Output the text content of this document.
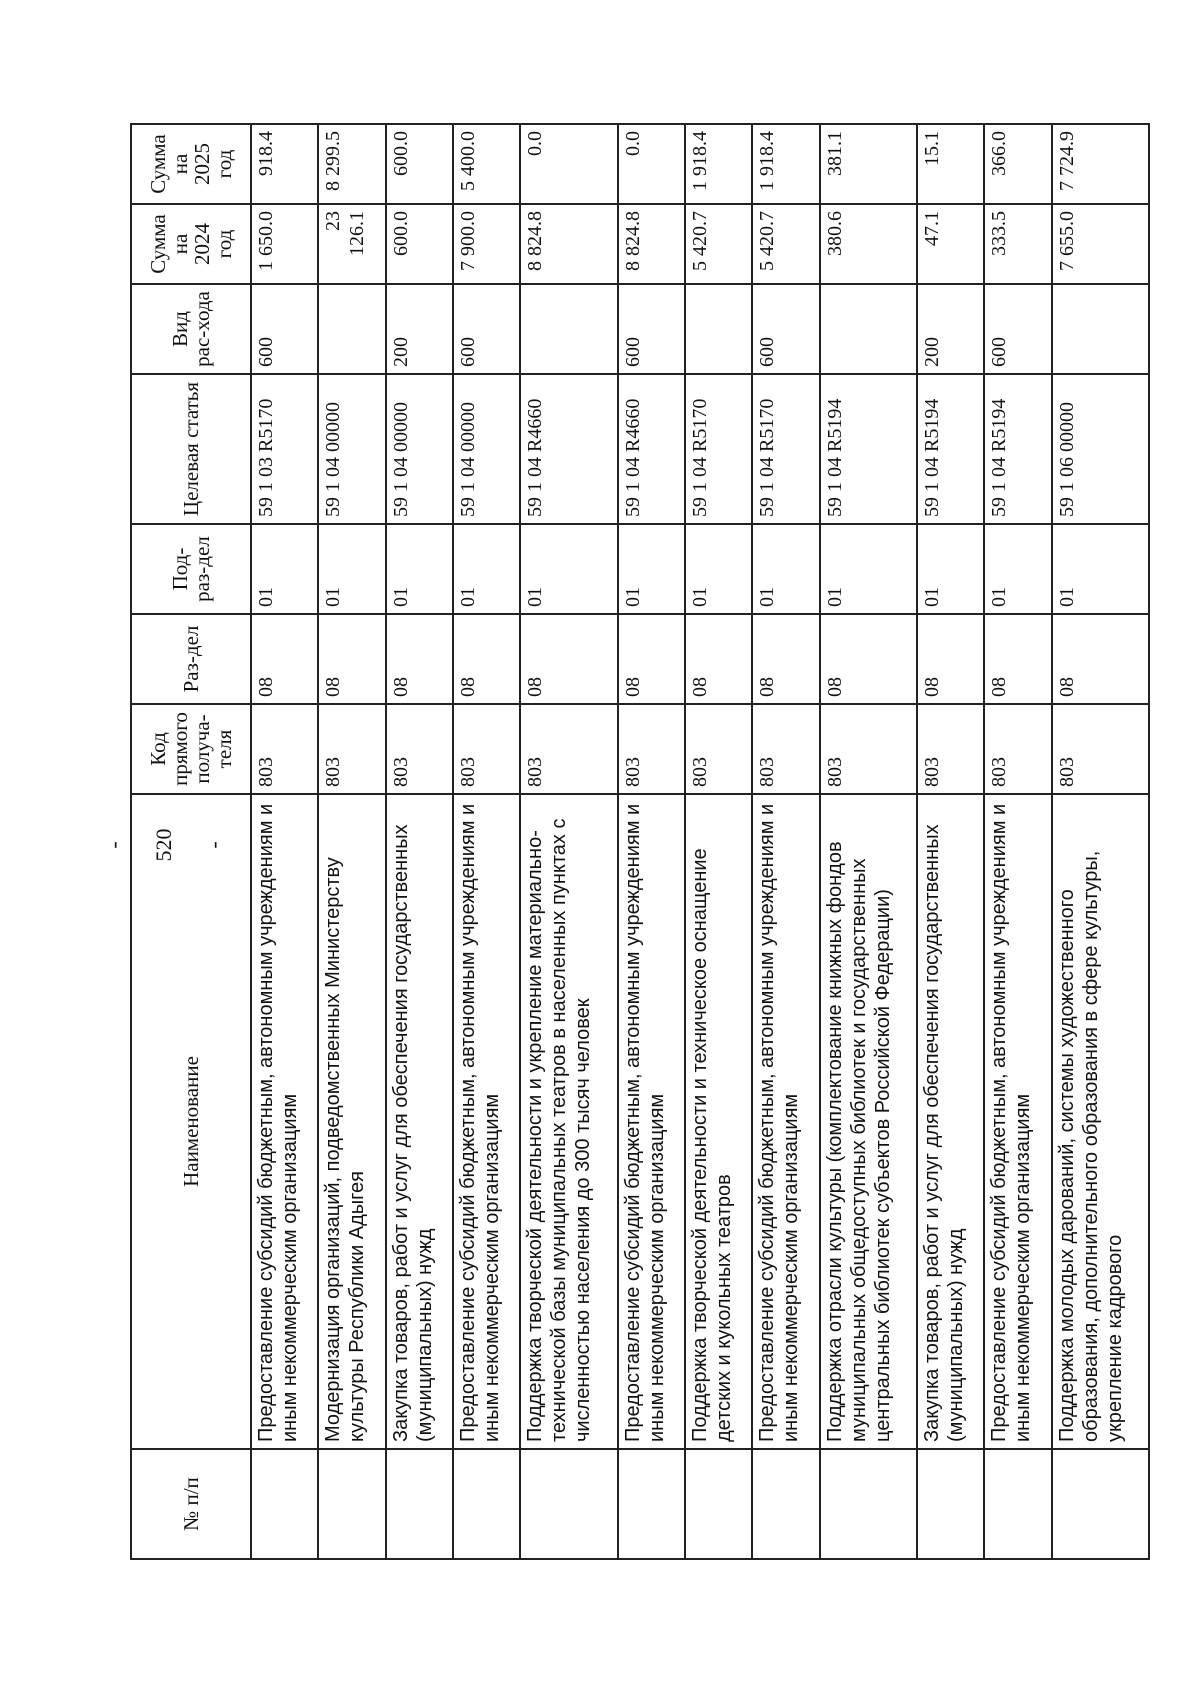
- 520 -
№ п/п	Наименование	Код прямого получа-теля	Раз-дел	Под-раз-дел	Целевая статья	Вид рас-хода	Сумма на 2024 год	Сумма на 2025 год
	Предоставление субсидий бюджетным, автономным учреждениям и иным некоммерческим организациям	803	08	01	59 1 03 R5170	600	1 650.0	918.4
	Модернизация организаций, подведомственных Министерству культуры Республики Адыгея	803	08	01	59 1 04 00000		23 126.1	8 299.5
	Закупка товаров, работ и услуг для обеспечения государственных (муниципальных) нужд	803	08	01	59 1 04 00000	200	600.0	600.0
	Предоставление субсидий бюджетным, автономным учреждениям и иным некоммерческим организациям	803	08	01	59 1 04 00000	600	7 900.0	5 400.0
	Поддержка творческой деятельности и укрепление материально-технической базы муниципальных театров в населенных пунктах с численностью населения до 300 тысяч человек	803	08	01	59 1 04 R4660		8 824.8	0.0
	Предоставление субсидий бюджетным, автономным учреждениям и иным некоммерческим организациям	803	08	01	59 1 04 R4660	600	8 824.8	0.0
	Поддержка творческой деятельности и техническое оснащение детских и кукольных театров	803	08	01	59 1 04 R5170		5 420.7	1 918.4
	Предоставление субсидий бюджетным, автономным учреждениям и иным некоммерческим организациям	803	08	01	59 1 04 R5170	600	5 420.7	1 918.4
	Поддержка отрасли культуры (комплектование книжных фондов муниципальных общедоступных библиотек и государственных центральных библиотек субъектов Российской Федерации)	803	08	01	59 1 04 R5194		380.6	381.1
	Закупка товаров, работ и услуг для обеспечения государственных (муниципальных) нужд	803	08	01	59 1 04 R5194	200	47.1	15.1
	Предоставление субсидий бюджетным, автономным учреждениям и иным некоммерческим организациям	803	08	01	59 1 04 R5194	600	333.5	366.0
	Поддержка молодых дарований, системы художественного образования, дополнительного образования в сфере культуры, укрепление кадрового	803	08	01	59 1 06 00000		7 655.0	7 724.9
